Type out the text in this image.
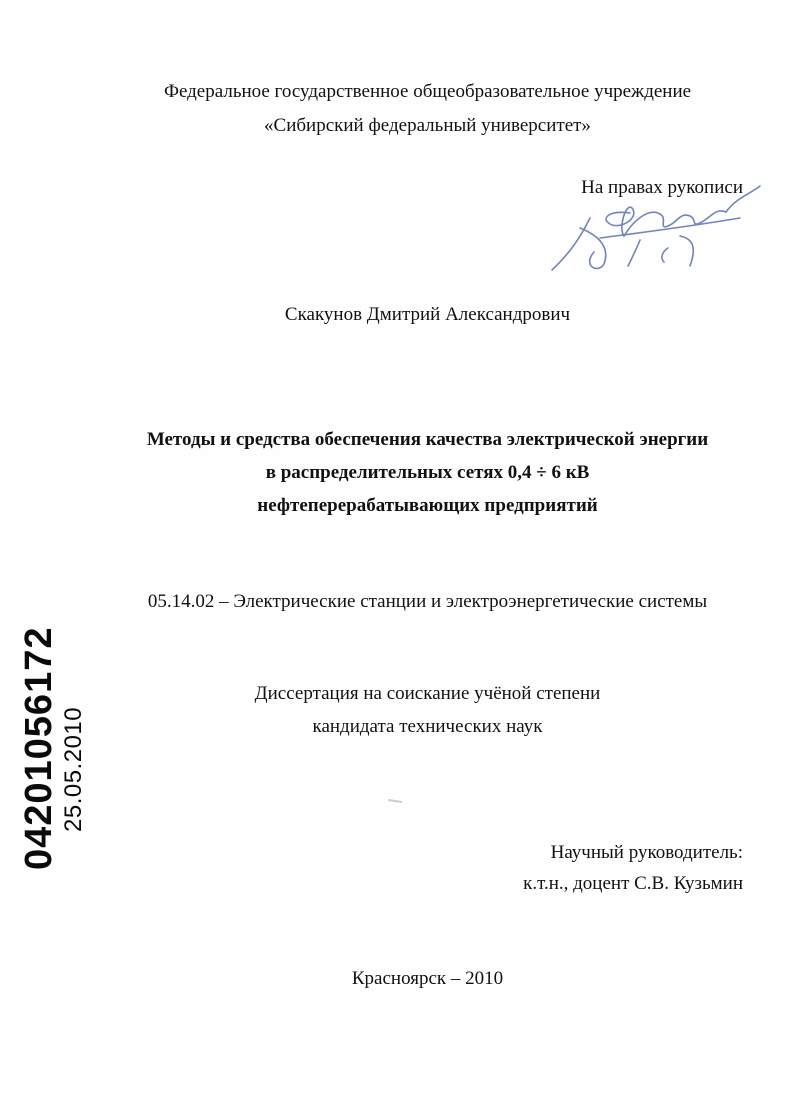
Федеральное государственное общеобразовательное учреждение
«Сибирский федеральный университет»
На правах рукописи
Скакунов Дмитрий Александрович
Методы и средства обеспечения качества электрической энергии
в распределительных сетях 0,4 ÷ 6 кВ
нефтеперерабатывающих предприятий
05.14.02 – Электрические станции и электроэнергетические системы
Диссертация на соискание учёной степени
кандидата технических наук
Научный руководитель:
к.т.н., доцент С.В. Кузьмин
Красноярск – 2010
04201056172 25.05.2010
